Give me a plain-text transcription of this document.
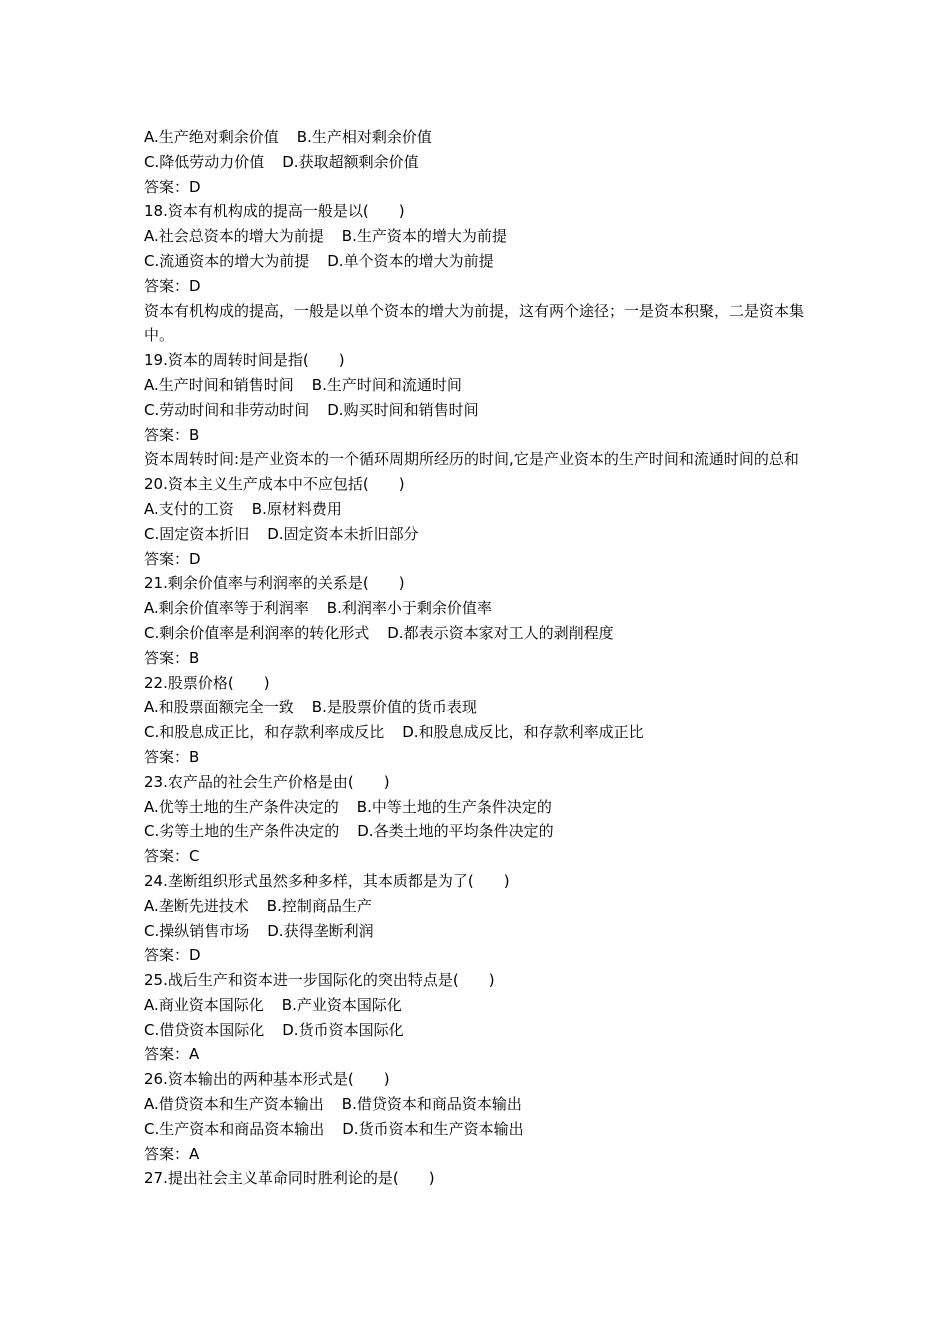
A.生产绝对剩余价值 B.生产相对剩余价值
C.降低劳动力价值 D.获取超额剩余价值
答案：D
18.资本有机构成的提高一般是以(　　)
A.社会总资本的增大为前提 B.生产资本的增大为前提
C.流通资本的增大为前提 D.单个资本的增大为前提
答案：D
资本有机构成的提高，一般是以单个资本的增大为前提，这有两个途径；一是资本积聚，二是资本集中。
19.资本的周转时间是指(　　)
A.生产时间和销售时间 B.生产时间和流通时间
C.劳动时间和非劳动时间 D.购买时间和销售时间
答案：B
资本周转时间:是产业资本的一个循环周期所经历的时间,它是产业资本的生产时间和流通时间的总和
20.资本主义生产成本中不应包括(　　)
A.支付的工资 B.原材料费用
C.固定资本折旧 D.固定资本未折旧部分
答案：D
21.剩余价值率与利润率的关系是(　　)
A.剩余价值率等于利润率 B.利润率小于剩余价值率
C.剩余价值率是利润率的转化形式 D.都表示资本家对工人的剥削程度
答案：B
22.股票价格(　　)
A.和股票面额完全一致 B.是股票价值的货币表现
C.和股息成正比，和存款利率成反比 D.和股息成反比，和存款利率成正比
答案：B
23.农产品的社会生产价格是由(　　)
A.优等土地的生产条件决定的 B.中等土地的生产条件决定的
C.劣等土地的生产条件决定的 D.各类土地的平均条件决定的
答案：C
24.垄断组织形式虽然多种多样，其本质都是为了(　　)
A.垄断先进技术 B.控制商品生产
C.操纵销售市场 D.获得垄断利润
答案：D
25.战后生产和资本进一步国际化的突出特点是(　　)
A.商业资本国际化 B.产业资本国际化
C.借贷资本国际化 D.货币资本国际化
答案：A
26.资本输出的两种基本形式是(　　)
A.借贷资本和生产资本输出 B.借贷资本和商品资本输出
C.生产资本和商品资本输出 D.货币资本和生产资本输出
答案：A
27.提出社会主义革命同时胜利论的是(　　)
